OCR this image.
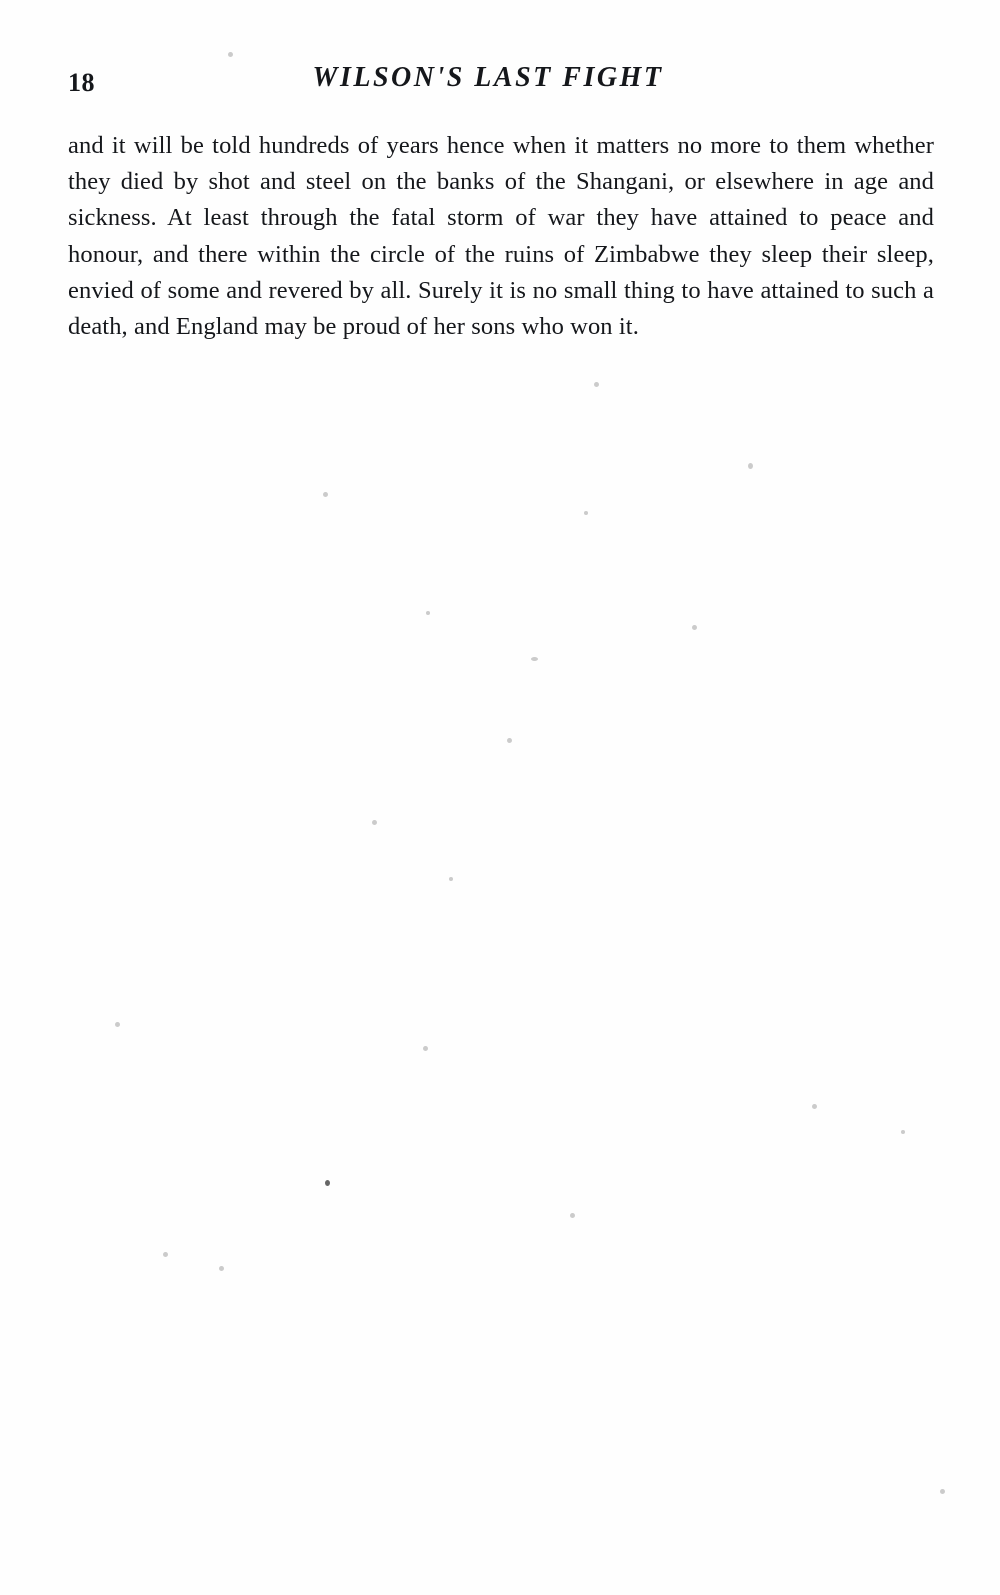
18	WILSON'S LAST FIGHT

and it will be told hundreds of years hence when it matters no more to them whether they died by shot and steel on the banks of the Shangani, or elsewhere in age and sickness. At least through the fatal storm of war they have attained to peace and honour, and there within the circle of the ruins of Zimbabwe they sleep their sleep, envied of some and revered by all. Surely it is no small thing to have attained to such a death, and England may be proud of her sons who won it.
